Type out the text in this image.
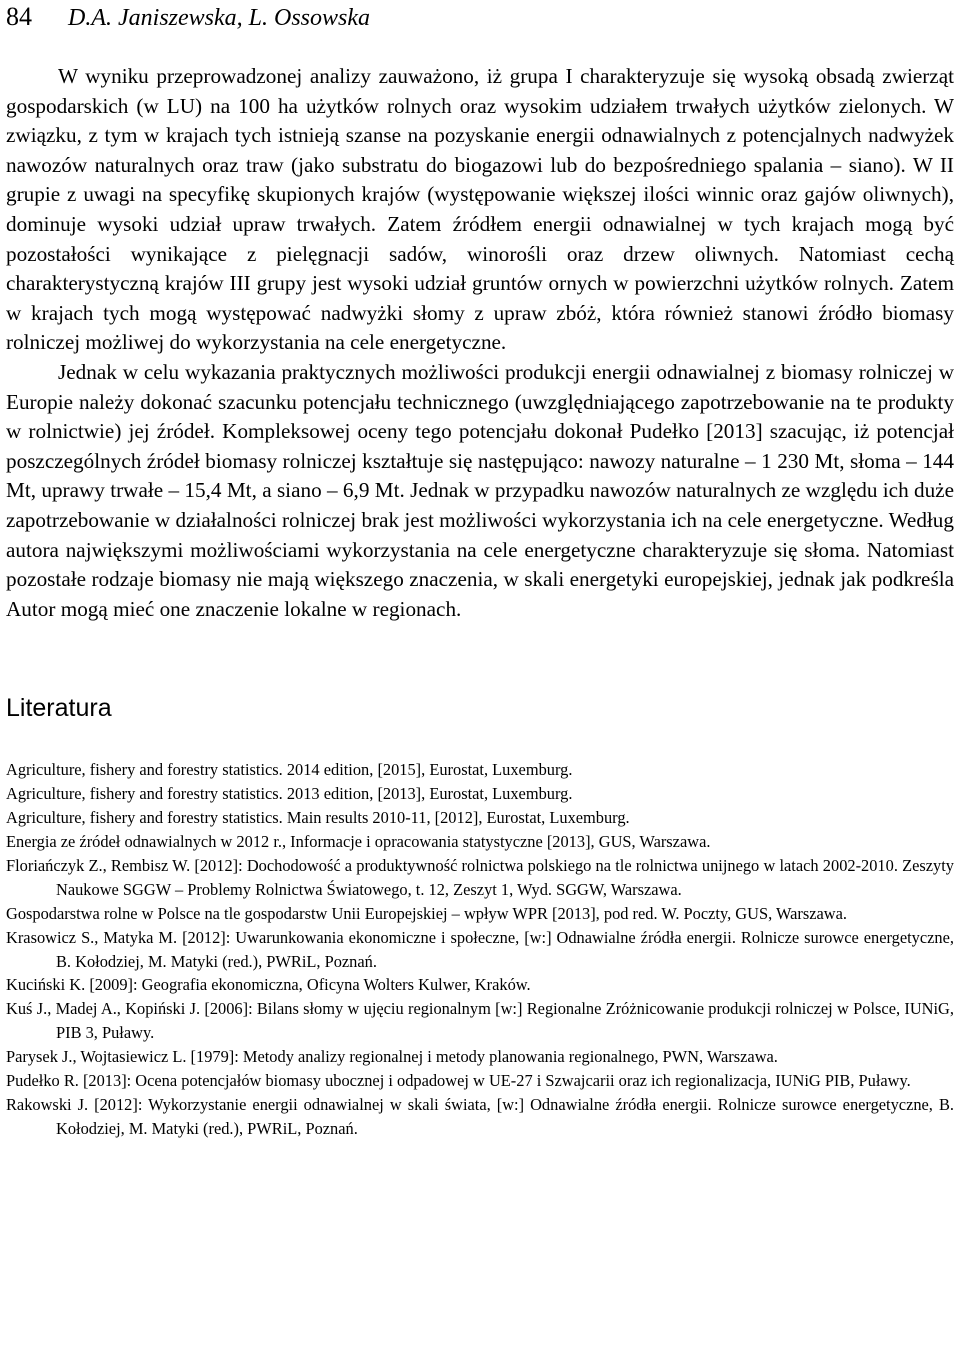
84	D.A. Janiszewska, L. Ossowska

W wyniku przeprowadzonej analizy zauważono, iż grupa I charakteryzuje się wysoką obsadą zwierząt gospodarskich (w LU) na 100 ha użytków rolnych oraz wysokim udziałem trwałych użytków zielonych. W związku, z tym w krajach tych istnieją szanse na pozyskanie energii odnawialnych z potencjalnych nadwyżek nawozów naturalnych oraz traw (jako substratu do biogazowi lub do bezpośredniego spalania – siano). W II grupie z uwagi na specyfikę skupionych krajów (występowanie większej ilości winnic oraz gajów oliwnych), dominuje wysoki udział upraw trwałych. Zatem źródłem energii odnawialnej w tych krajach mogą być pozostałości wynikające z pielęgnacji sadów, winorośli oraz drzew oliwnych. Natomiast cechą charakterystyczną krajów III grupy jest wysoki udział gruntów ornych w powierzchni użytków rolnych. Zatem w krajach tych mogą występować nadwyżki słomy z upraw zbóż, która również stanowi źródło biomasy rolniczej możliwej do wykorzystania na cele energetyczne.

Jednak w celu wykazania praktycznych możliwości produkcji energii odnawialnej z biomasy rolniczej w Europie należy dokonać szacunku potencjału technicznego (uwzględniającego zapotrzebowanie na te produkty w rolnictwie) jej źródeł. Kompleksowej oceny tego potencjału dokonał Pudełko [2013] szacując, iż potencjał poszczególnych źródeł biomasy rolniczej kształtuje się następująco: nawozy naturalne – 1 230 Mt, słoma – 144 Mt, uprawy trwałe – 15,4 Mt, a siano – 6,9 Mt. Jednak w przypadku nawozów naturalnych ze względu ich duże zapotrzebowanie w działalności rolniczej brak jest możliwości wykorzystania ich na cele energetyczne. Według autora największymi możliwościami wykorzystania na cele energetyczne charakteryzuje się słoma. Natomiast pozostałe rodzaje biomasy nie mają większego znaczenia, w skali energetyki europejskiej, jednak jak podkreśla Autor mogą mieć one znaczenie lokalne w regionach.

Literatura
Agriculture, fishery and forestry statistics. 2014 edition, [2015], Eurostat, Luxemburg.
Agriculture, fishery and forestry statistics. 2013 edition, [2013], Eurostat, Luxemburg.
Agriculture, fishery and forestry statistics. Main results 2010-11, [2012], Eurostat, Luxemburg.
Energia ze źródeł odnawialnych w 2012 r., Informacje i opracowania statystyczne [2013], GUS, Warszawa.
Floriańczyk Z., Rembisz W. [2012]: Dochodowość a produktywność rolnictwa polskiego na tle rolnictwa unijnego w latach 2002-2010. Zeszyty Naukowe SGGW – Problemy Rolnictwa Światowego, t. 12, Zeszyt 1, Wyd. SGGW, Warszawa.
Gospodarstwa rolne w Polsce na tle gospodarstw Unii Europejskiej – wpływ WPR [2013], pod red. W. Poczty, GUS, Warszawa.
Krasowicz S., Matyka M. [2012]: Uwarunkowania ekonomiczne i społeczne, [w:] Odnawialne źródła energii. Rolnicze surowce energetyczne, B. Kołodziej, M. Matyki (red.), PWRiL, Poznań.
Kuciński K. [2009]: Geografia ekonomiczna, Oficyna Wolters Kulwer, Kraków.
Kuś J., Madej A., Kopiński J. [2006]: Bilans słomy w ujęciu regionalnym [w:] Regionalne Zróżnicowanie produkcji rolniczej w Polsce, IUNiG, PIB 3, Puławy.
Parysek J., Wojtasiewicz L. [1979]: Metody analizy regionalnej i metody planowania regionalnego, PWN, Warszawa.
Pudełko R. [2013]: Ocena potencjałów biomasy ubocznej i odpadowej w UE-27 i Szwajcarii oraz ich regionalizacja, IUNiG PIB, Puławy.
Rakowski J. [2012]: Wykorzystanie energii odnawialnej w skali świata, [w:] Odnawialne źródła energii. Rolnicze surowce energetyczne, B. Kołodziej, M. Matyki (red.), PWRiL, Poznań.
